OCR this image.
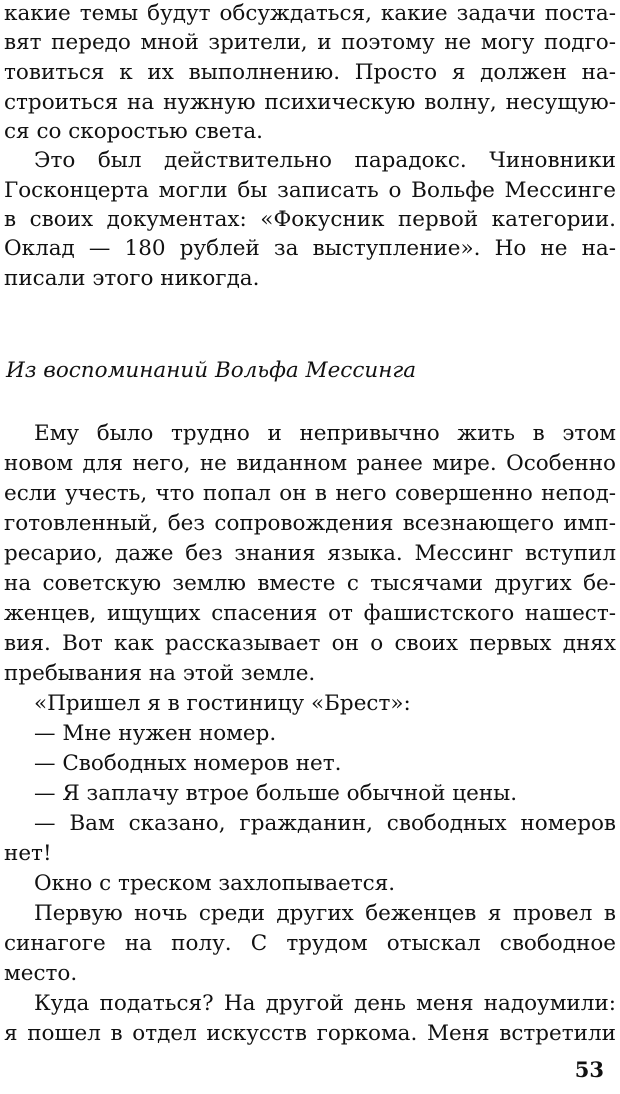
какие темы будут обсуждаться, какие задачи поста-
вят передо мной зрители, и поэтому не могу подго-
товиться к их выполнению. Просто я должен на-
строиться на нужную психическую волну, несущую-
ся со скоростью света.
Это был действительно парадокс. Чиновники
Госконцерта могли бы записать о Вольфе Мессинге
в своих документах: «Фокусник первой категории.
Оклад — 180 рублей за выступление». Но не на-
писали этого никогда.
Из воспоминаний Вольфа Мессинга
Ему было трудно и непривычно жить в этом
новом для него, не виданном ранее мире. Особенно
если учесть, что попал он в него совершенно непод-
готовленный, без сопровождения всезнающего имп-
ресарио, даже без знания языка. Мессинг вступил
на советскую землю вместе с тысячами других бе-
женцев, ищущих спасения от фашистского нашест-
вия. Вот как рассказывает он о своих первых днях
пребывания на этой земле.
«Пришел я в гостиницу «Брест»:
— Мне нужен номер.
— Свободных номеров нет.
— Я заплачу втрое больше обычной цены.
— Вам сказано, гражданин, свободных номеров
нет!
Окно с треском захлопывается.
Первую ночь среди других беженцев я провел в
синагоге на полу. С трудом отыскал свободное
место.
Куда податься? На другой день меня надоумили:
я пошел в отдел искусств горкома. Меня встретили
53
